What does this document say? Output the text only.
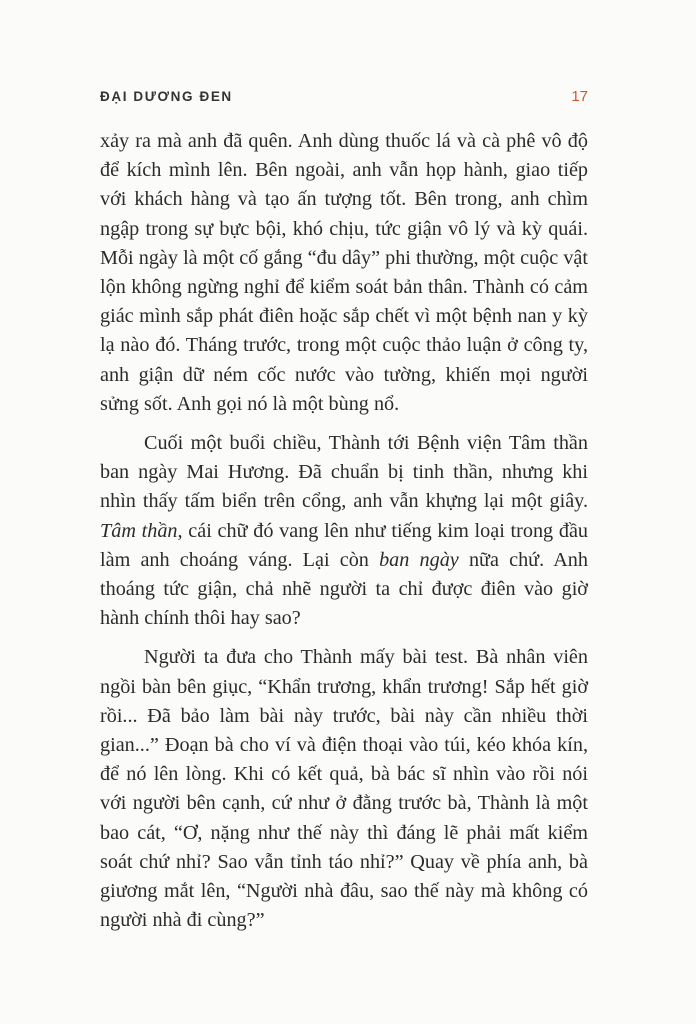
ĐẠI DƯƠNG ĐEN	17

xảy ra mà anh đã quên. Anh dùng thuốc lá và cà phê vô độ để kích mình lên. Bên ngoài, anh vẫn họp hành, giao tiếp với khách hàng và tạo ấn tượng tốt. Bên trong, anh chìm ngập trong sự bực bội, khó chịu, tức giận vô lý và kỳ quái. Mỗi ngày là một cố gắng “đu dây” phi thường, một cuộc vật lộn không ngừng nghỉ để kiểm soát bản thân. Thành có cảm giác mình sắp phát điên hoặc sắp chết vì một bệnh nan y kỳ lạ nào đó. Tháng trước, trong một cuộc thảo luận ở công ty, anh giận dữ ném cốc nước vào tường, khiến mọi người sửng sốt. Anh gọi nó là một bùng nổ.

Cuối một buổi chiều, Thành tới Bệnh viện Tâm thần ban ngày Mai Hương. Đã chuẩn bị tinh thần, nhưng khi nhìn thấy tấm biển trên cổng, anh vẫn khựng lại một giây. Tâm thần, cái chữ đó vang lên như tiếng kim loại trong đầu làm anh choáng váng. Lại còn ban ngày nữa chứ. Anh thoáng tức giận, chả nhẽ người ta chỉ được điên vào giờ hành chính thôi hay sao?

Người ta đưa cho Thành mấy bài test. Bà nhân viên ngồi bàn bên giục, “Khẩn trương, khẩn trương! Sắp hết giờ rồi... Đã bảo làm bài này trước, bài này cần nhiều thời gian...” Đoạn bà cho ví và điện thoại vào túi, kéo khóa kín, để nó lên lòng. Khi có kết quả, bà bác sĩ nhìn vào rồi nói với người bên cạnh, cứ như ở đằng trước bà, Thành là một bao cát, “Ơ, nặng như thế này thì đáng lẽ phải mất kiểm soát chứ nhỉ? Sao vẫn tỉnh táo nhỉ?” Quay về phía anh, bà giương mắt lên, “Người nhà đâu, sao thế này mà không có người nhà đi cùng?”
